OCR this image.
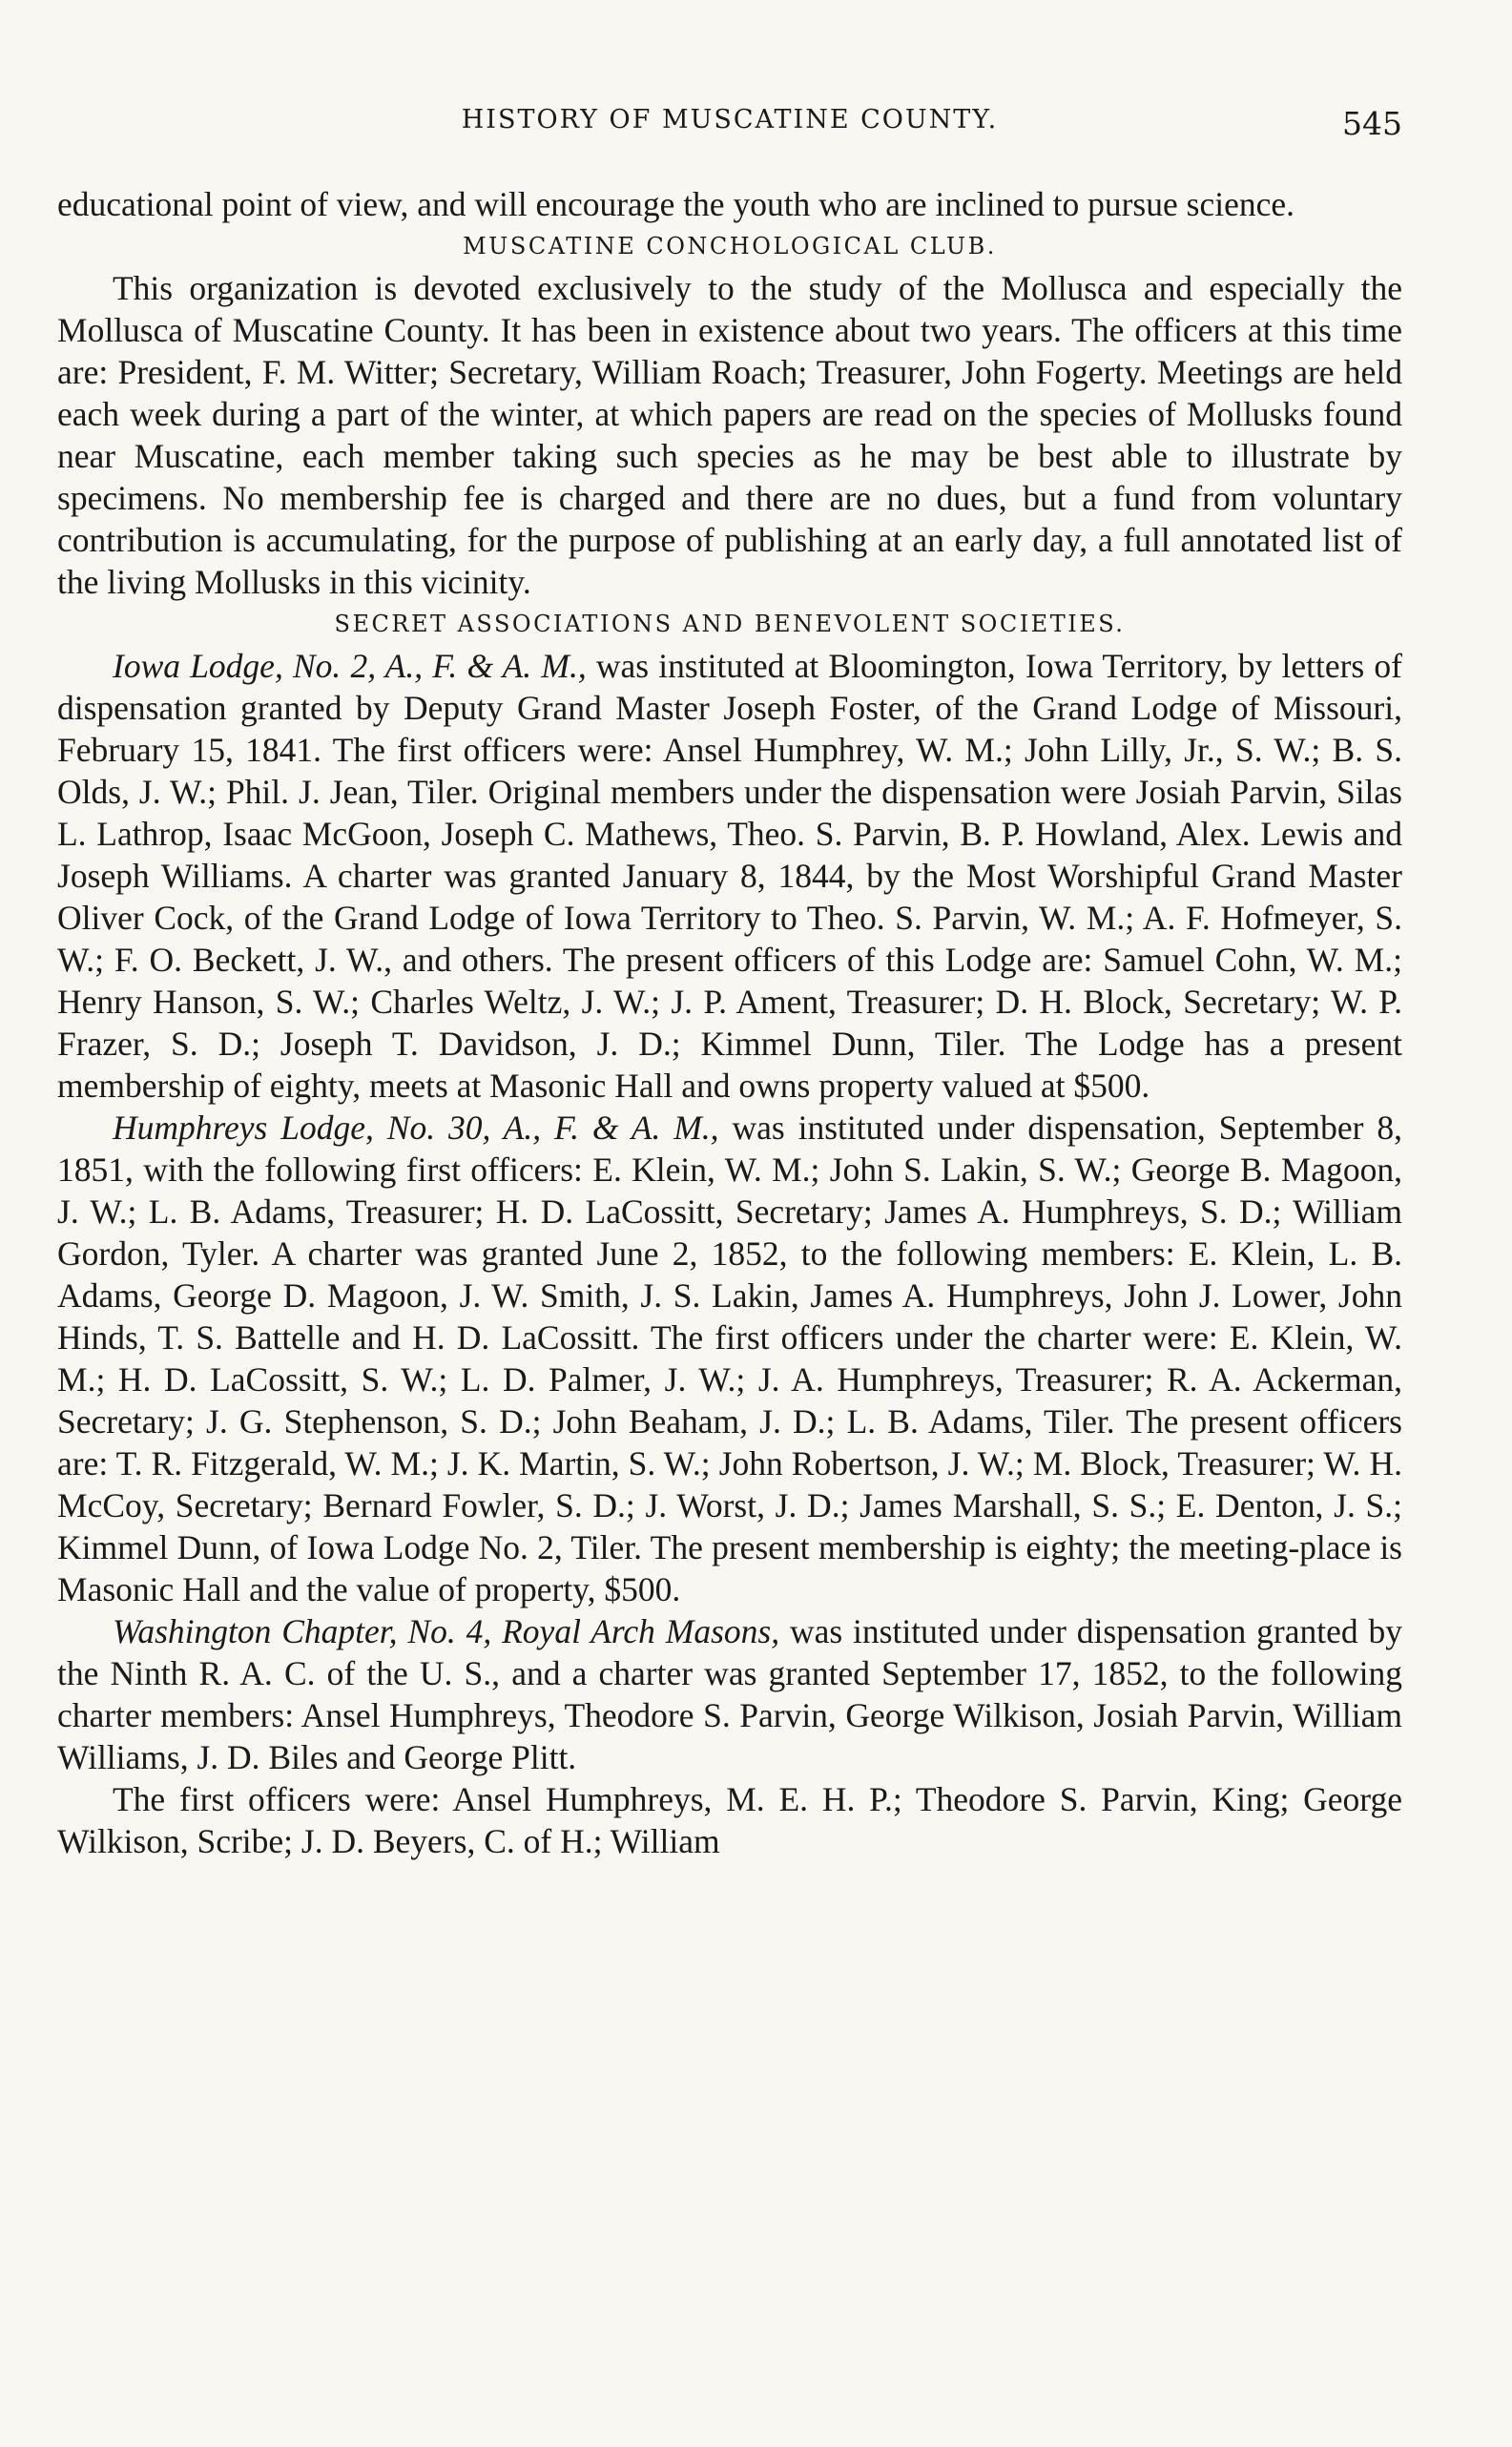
HISTORY OF MUSCATINE COUNTY.	545

educational point of view, and will encourage the youth who are inclined to pursue science.

MUSCATINE CONCHOLOGICAL CLUB.

This organization is devoted exclusively to the study of the Mollusca and especially the Mollusca of Muscatine County. It has been in existence about two years. The officers at this time are: President, F. M. Witter; Secretary, William Roach; Treasurer, John Fogerty. Meetings are held each week during a part of the winter, at which papers are read on the species of Mollusks found near Muscatine, each member taking such species as he may be best able to illustrate by specimens. No membership fee is charged and there are no dues, but a fund from voluntary contribution is accumulating, for the purpose of publishing at an early day, a full annotated list of the living Mollusks in this vicinity.

SECRET ASSOCIATIONS AND BENEVOLENT SOCIETIES.

Iowa Lodge, No. 2, A., F. & A. M., was instituted at Bloomington, Iowa Territory, by letters of dispensation granted by Deputy Grand Master Joseph Foster, of the Grand Lodge of Missouri, February 15, 1841. The first officers were: Ansel Humphrey, W. M.; John Lilly, Jr., S. W.; B. S. Olds, J. W.; Phil. J. Jean, Tiler. Original members under the dispensation were Josiah Parvin, Silas L. Lathrop, Isaac McGoon, Joseph C. Mathews, Theo. S. Parvin, B. P. Howland, Alex. Lewis and Joseph Williams. A charter was granted January 8, 1844, by the Most Worshipful Grand Master Oliver Cock, of the Grand Lodge of Iowa Territory to Theo. S. Parvin, W. M.; A. F. Hofmeyer, S. W.; F. O. Beckett, J. W., and others. The present officers of this Lodge are: Samuel Cohn, W. M.; Henry Hanson, S. W.; Charles Weltz, J. W.; J. P. Ament, Treasurer; D. H. Block, Secretary; W. P. Frazer, S. D.; Joseph T. Davidson, J. D.; Kimmel Dunn, Tiler. The Lodge has a present membership of eighty, meets at Masonic Hall and owns property valued at $500.

Humphreys Lodge, No. 30, A., F. & A. M., was instituted under dispensation, September 8, 1851, with the following first officers: E. Klein, W. M.; John S. Lakin, S. W.; George B. Magoon, J. W.; L. B. Adams, Treasurer; H. D. LaCossitt, Secretary; James A. Humphreys, S. D.; William Gordon, Tyler. A charter was granted June 2, 1852, to the following members: E. Klein, L. B. Adams, George D. Magoon, J. W. Smith, J. S. Lakin, James A. Humphreys, John J. Lower, John Hinds, T. S. Battelle and H. D. LaCossitt. The first officers under the charter were: E. Klein, W. M.; H. D. LaCossitt, S. W.; L. D. Palmer, J. W.; J. A. Humphreys, Treasurer; R. A. Ackerman, Secretary; J. G. Stephenson, S. D.; John Beaham, J. D.; L. B. Adams, Tiler. The present officers are: T. R. Fitzgerald, W. M.; J. K. Martin, S. W.; John Robertson, J. W.; M. Block, Treasurer; W. H. McCoy, Secretary; Bernard Fowler, S. D.; J. Worst, J. D.; James Marshall, S. S.; E. Denton, J. S.; Kimmel Dunn, of Iowa Lodge No. 2, Tiler. The present membership is eighty; the meeting-place is Masonic Hall and the value of property, $500.

Washington Chapter, No. 4, Royal Arch Masons, was instituted under dispensation granted by the Ninth R. A. C. of the U. S., and a charter was granted September 17, 1852, to the following charter members: Ansel Humphreys, Theodore S. Parvin, George Wilkison, Josiah Parvin, William Williams, J. D. Biles and George Plitt.

The first officers were: Ansel Humphreys, M. E. H. P.; Theodore S. Parvin, King; George Wilkison, Scribe; J. D. Beyers, C. of H.; William
